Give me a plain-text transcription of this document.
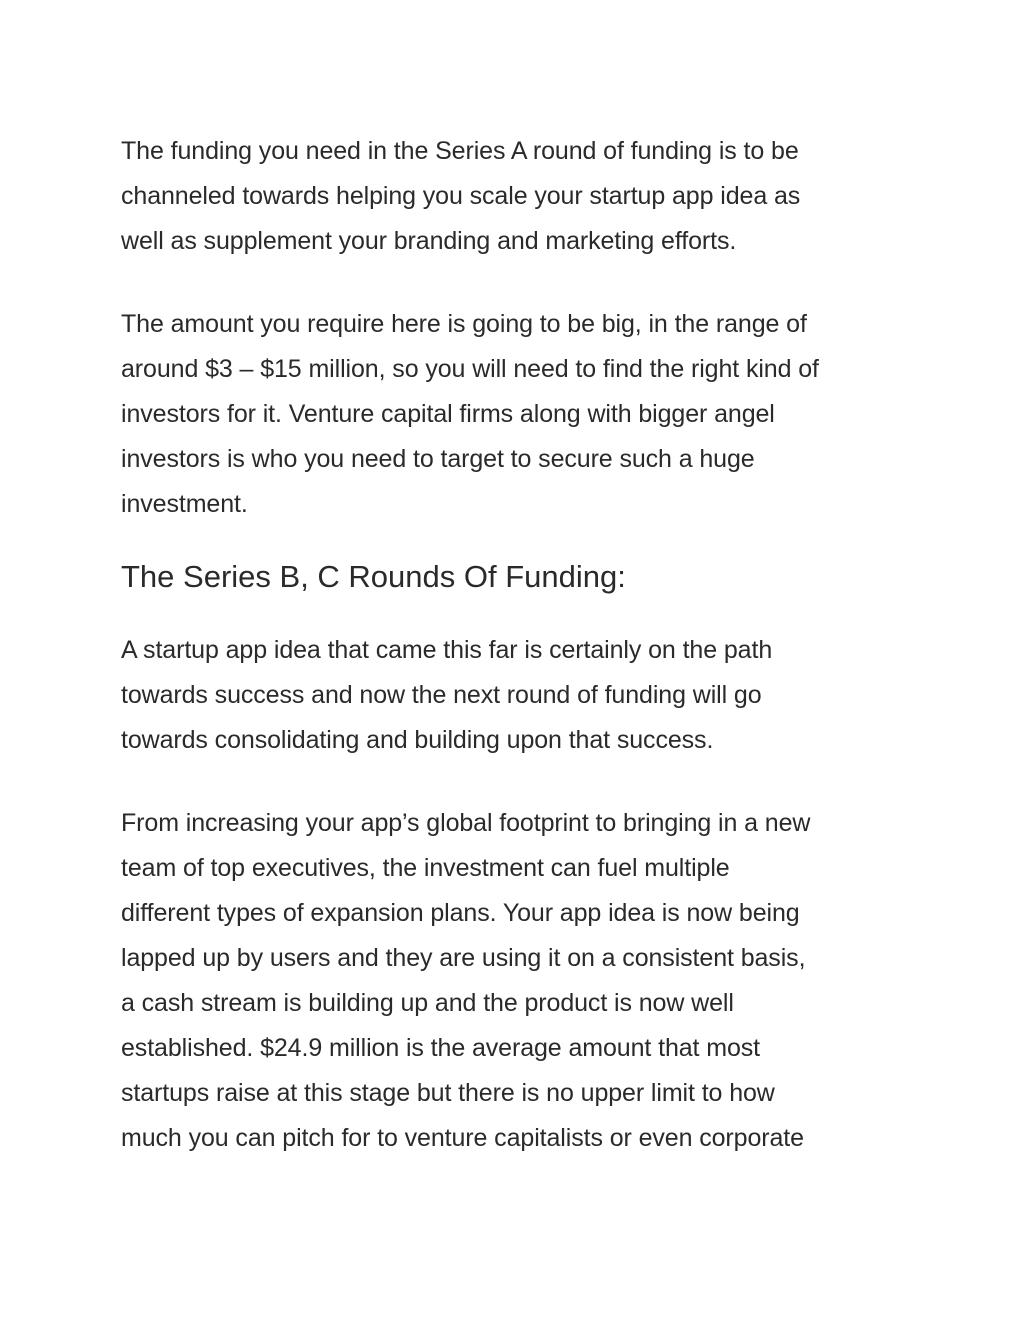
The funding you need in the Series A round of funding is to be
channeled towards helping you scale your startup app idea as
well as supplement your branding and marketing efforts.
The amount you require here is going to be big, in the range of
around $3 – $15 million, so you will need to find the right kind of
investors for it. Venture capital firms along with bigger angel
investors is who you need to target to secure such a huge
investment.
The Series B, C Rounds Of Funding:
A startup app idea that came this far is certainly on the path
towards success and now the next round of funding will go
towards consolidating and building upon that success.
From increasing your app’s global footprint to bringing in a new
team of top executives, the investment can fuel multiple
different types of expansion plans. Your app idea is now being
lapped up by users and they are using it on a consistent basis,
a cash stream is building up and the product is now well
established. $24.9 million is the average amount that most
startups raise at this stage but there is no upper limit to how
much you can pitch for to venture capitalists or even corporate
